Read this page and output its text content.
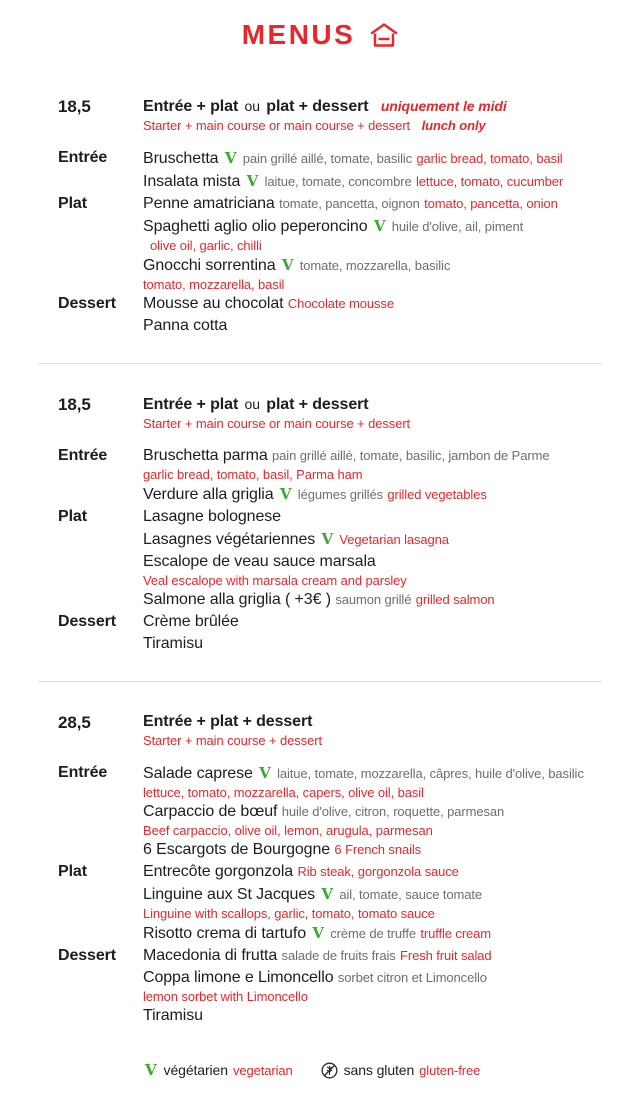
MENUS
18,5	Entrée + plat ou plat + dessert uniquement le midi
Starter + main course or main course + dessert lunch only
Entrée	Bruschetta V pain grillé aillé, tomate, basilic garlic bread, tomato, basil
Insalata mista V laitue, tomate, concombre lettuce, tomato, cucumber
Plat	Penne amatriciana tomate, pancetta, oignon tomato, pancetta, onion
Spaghetti aglio olio peperoncino V huile d'olive, ail, piment
olive oil, garlic, chilli
Gnocchi sorrentina V tomate, mozzarella, basilic
tomato, mozzarella, basil
Dessert	Mousse au chocolat Chocolate mousse
Panna cotta
18,5	Entrée + plat ou plat + dessert
Starter + main course or main course + dessert
Entrée	Bruschetta parma pain grillé aillé, tomate, basilic, jambon de Parme
garlic bread, tomato, basil, Parma ham
Verdure alla griglia V légumes grillés grilled vegetables
Plat	Lasagne bolognese
Lasagnes végétariennes V Vegetarian lasagna
Escalope de veau sauce marsala
Veal escalope with marsala cream and parsley
Salmone alla griglia ( +3€ ) saumon grillé grilled salmon
Dessert	Crème brûlée
Tiramisu
28,5	Entrée + plat + dessert
Starter + main course + dessert
Entrée	Salade caprese V laitue, tomate, mozzarella, câpres, huile d'olive, basilic
lettuce, tomato, mozzarella, capers, olive oil, basil
Carpaccio de bœuf huile d'olive, citron, roquette, parmesan
Beef carpaccio, olive oil, lemon, arugula, parmesan
6 Escargots de Bourgogne 6 French snails
Plat	Entrecôte gorgonzola Rib steak, gorgonzola sauce
Linguine aux St Jacques V ail, tomate, sauce tomate
Linguine with scallops, garlic, tomato, tomato sauce
Risotto crema di tartufo V crème de truffe truffle cream
Dessert	Macedonia di frutta salade de fruits frais Fresh fruit salad
Coppa limone e Limoncello sorbet citron et Limoncello
lemon sorbet with Limoncello
Tiramisu
V végétarien vegetarian	sans gluten gluten-free
